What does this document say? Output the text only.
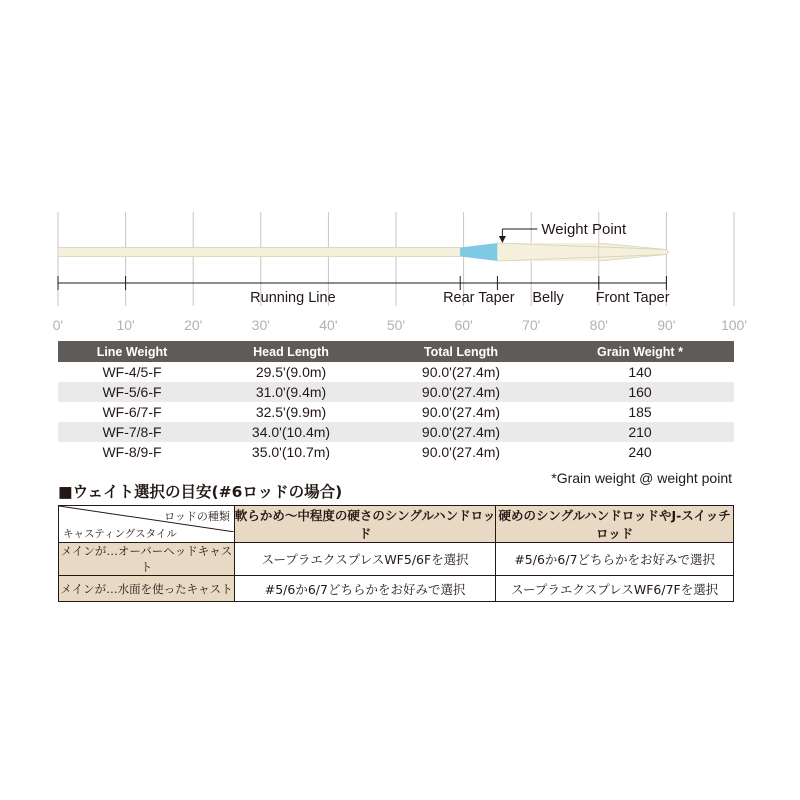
Weight Point
Running Line	Rear Taper Belly Front Taper
0'	10'	20'	30'	40'	50'	60'	70'	80'	90'	100'
Line Weight	Head Length	Total Length	Grain Weight *
WF-4/5-F	29.5'(9.0m)	90.0'(27.4m)	140
WF-5/6-F	31.0'(9.4m)	90.0'(27.4m)	160
WF-6/7-F	32.5'(9.9m)	90.0'(27.4m)	185
WF-7/8-F	34.0'(10.4m)	90.0'(27.4m)	210
WF-8/9-F	35.0'(10.7m)	90.0'(27.4m)	240
*Grain weight @ weight point
■ウェイト選択の目安(#6ロッドの場合)
ロッドの種類
キャスティングスタイル	軟らかめ〜中程度の硬さのシングルハンドロッド	硬めのシングルハンドロッドやJ-スイッチロッド
メインが…オーバーヘッドキャスト	スープラエクスプレスWF5/6Fを選択	#5/6か6/7どちらかをお好みで選択
メインが…水面を使ったキャスト	#5/6か6/7どちらかをお好みで選択	スープラエクスプレスWF6/7Fを選択
